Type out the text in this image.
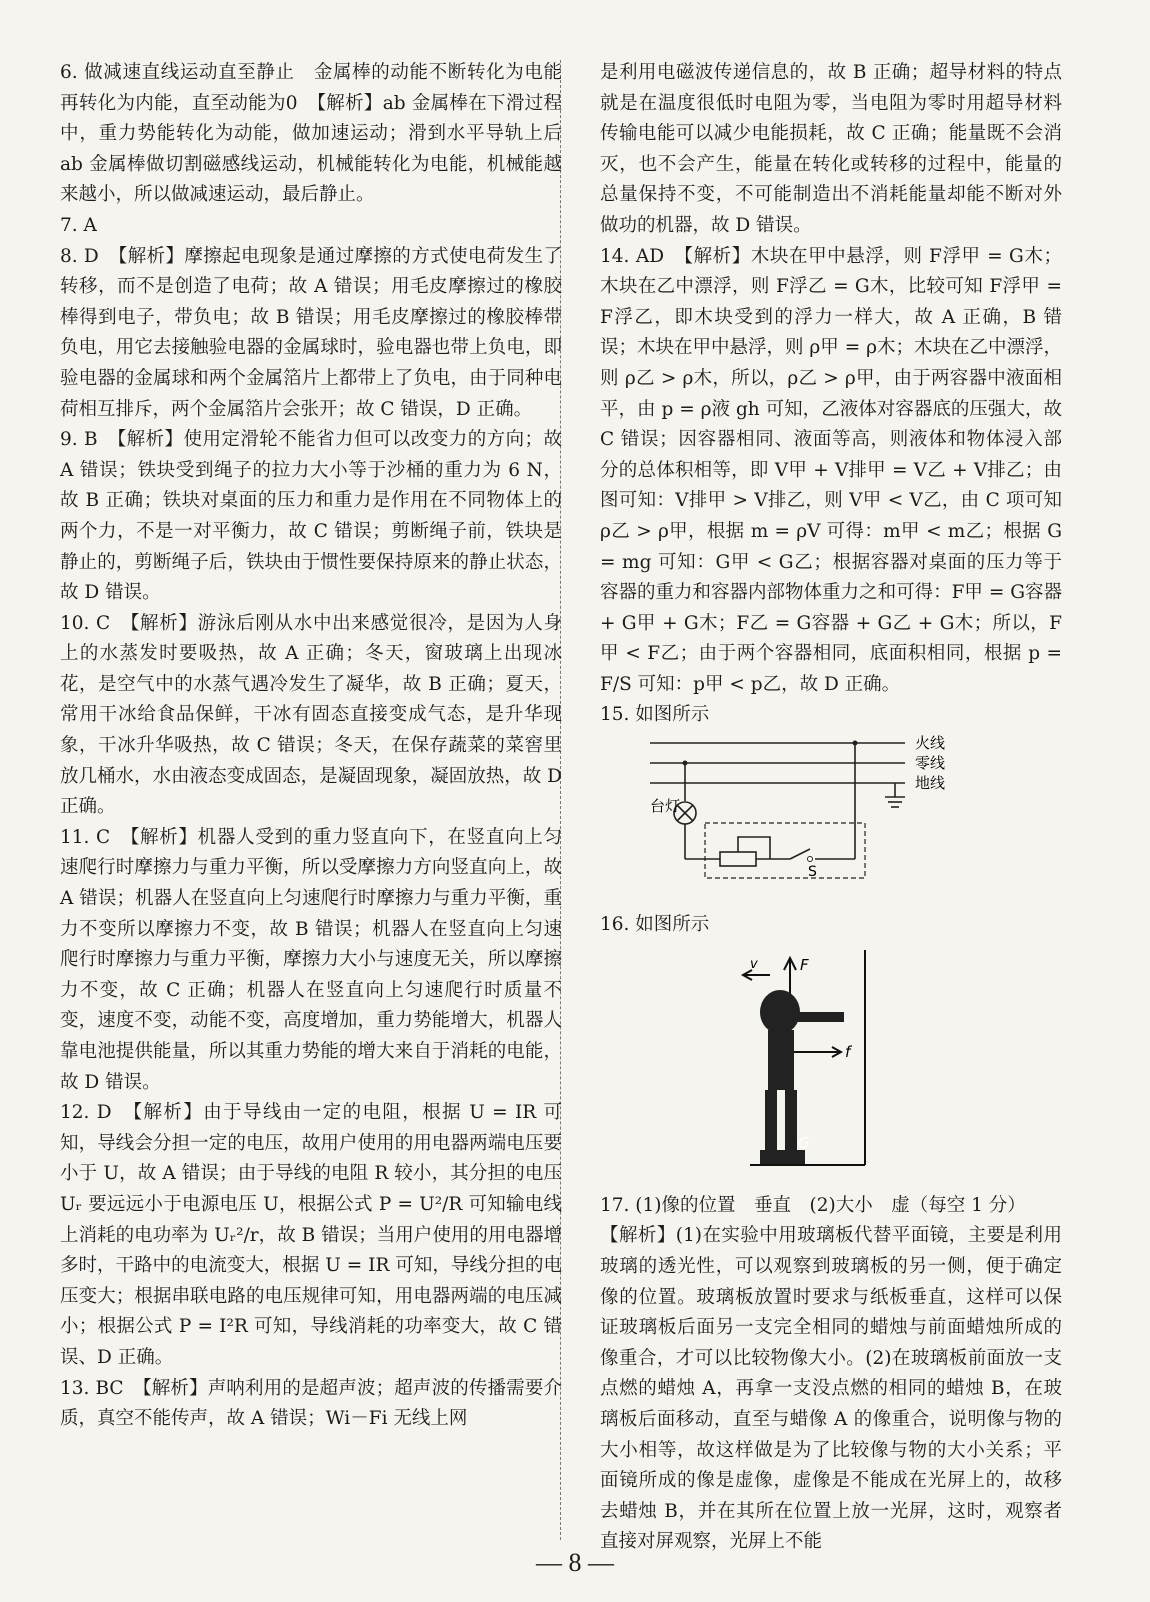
6. 做减速直线运动直至静止　金属棒的动能不断转化为电能再转化为内能，直至动能为0　【解析】ab 金属棒在下滑过程中，重力势能转化为动能，做加速运动；滑到水平导轨上后 ab 金属棒做切割磁感线运动，机械能转化为电能，机械能越来越小，所以做减速运动，最后静止。

7. A

8. D　【解析】摩擦起电现象是通过摩擦的方式使电荷发生了转移，而不是创造了电荷；故 A 错误；用毛皮摩擦过的橡胶棒得到电子，带负电；故 B 错误；用毛皮摩擦过的橡胶棒带负电，用它去接触验电器的金属球时，验电器也带上负电，即验电器的金属球和两个金属箔片上都带上了负电，由于同种电荷相互排斥，两个金属箔片会张开；故 C 错误，D 正确。

9. B　【解析】使用定滑轮不能省力但可以改变力的方向；故 A 错误；铁块受到绳子的拉力大小等于沙桶的重力为 6 N，故 B 正确；铁块对桌面的压力和重力是作用在不同物体上的两个力，不是一对平衡力，故 C 错误；剪断绳子前，铁块是静止的，剪断绳子后，铁块由于惯性要保持原来的静止状态，故 D 错误。

10. C　【解析】游泳后刚从水中出来感觉很冷，是因为人身上的水蒸发时要吸热，故 A 正确；冬天，窗玻璃上出现冰花，是空气中的水蒸气遇冷发生了凝华，故 B 正确；夏天，常用干冰给食品保鲜，干冰有固态直接变成气态，是升华现象，干冰升华吸热，故 C 错误；冬天，在保存蔬菜的菜窖里放几桶水，水由液态变成固态，是凝固现象，凝固放热，故 D 正确。

11. C　【解析】机器人受到的重力竖直向下，在竖直向上匀速爬行时摩擦力与重力平衡，所以受摩擦力方向竖直向上，故 A 错误；机器人在竖直向上匀速爬行时摩擦力与重力平衡，重力不变所以摩擦力不变，故 B 错误；机器人在竖直向上匀速爬行时摩擦力与重力平衡，摩擦力大小与速度无关，所以摩擦力不变，故 C 正确；机器人在竖直向上匀速爬行时质量不变，速度不变，动能不变，高度增加，重力势能增大，机器人靠电池提供能量，所以其重力势能的增大来自于消耗的电能，故 D 错误。

12. D　【解析】由于导线由一定的电阻，根据 U = IR 可知，导线会分担一定的电压，故用户使用的用电器两端电压要小于 U，故 A 错误；由于导线的电阻 R 较小，其分担的电压 Uᵣ 要远远小于电源电压 U，根据公式 P = U²/R 可知输电线上消耗的电功率为 Uᵣ²/r，故 B 错误；当用户使用的用电器增多时，干路中的电流变大，根据 U = IR 可知，导线分担的电压变大；根据串联电路的电压规律可知，用电器两端的电压减小；根据公式 P = I²R 可知，导线消耗的功率变大，故 C 错误、D 正确。

13. BC　【解析】声呐利用的是超声波；超声波的传播需要介质，真空不能传声，故 A 错误；Wi－Fi 无线上网

是利用电磁波传递信息的，故 B 正确；超导材料的特点就是在温度很低时电阻为零，当电阻为零时用超导材料传输电能可以减少电能损耗，故 C 正确；能量既不会消灭，也不会产生，能量在转化或转移的过程中，能量的总量保持不变，不可能制造出不消耗能量却能不断对外做功的机器，故 D 错误。

14. AD　【解析】木块在甲中悬浮，则 F浮甲 = G木；木块在乙中漂浮，则 F浮乙 = G木，比较可知 F浮甲 = F浮乙，即木块受到的浮力一样大，故 A 正确，B 错误；木块在甲中悬浮，则 ρ甲 = ρ木；木块在乙中漂浮，则 ρ乙 > ρ木，所以，ρ乙 > ρ甲，由于两容器中液面相平，由 p = ρ液 gh 可知，乙液体对容器底的压强大，故 C 错误；因容器相同、液面等高，则液体和物体浸入部分的总体积相等，即 V甲 + V排甲 = V乙 + V排乙；由图可知：V排甲 > V排乙，则 V甲 < V乙，由 C 项可知 ρ乙 > ρ甲，根据 m = ρV 可得：m甲 < m乙；根据 G = mg 可知：G甲 < G乙；根据容器对桌面的压力等于容器的重力和容器内部物体重力之和可得：F甲 = G容器 + G甲 + G木；F乙 = G容器 + G乙 + G木；所以，F甲 < F乙；由于两个容器相同，底面积相同，根据 p = F/S 可知：p甲 < p乙，故 D 正确。

15. 如图所示

火线
零线
地线
台灯
S

16. 如图所示

v	F
f
G

17. (1)像的位置　垂直　(2)大小　虚（每空 1 分）

【解析】(1)在实验中用玻璃板代替平面镜，主要是利用玻璃的透光性，可以观察到玻璃板的另一侧，便于确定像的位置。玻璃板放置时要求与纸板垂直，这样可以保证玻璃板后面另一支完全相同的蜡烛与前面蜡烛所成的像重合，才可以比较物像大小。(2)在玻璃板前面放一支点燃的蜡烛 A，再拿一支没点燃的相同的蜡烛 B，在玻璃板后面移动，直至与蜡像 A 的像重合，说明像与物的大小相等，故这样做是为了比较像与物的大小关系；平面镜所成的像是虚像，虚像是不能成在光屏上的，故移去蜡烛 B，并在其所在位置上放一光屏，这时，观察者直接对屏观察，光屏上不能

— 8 —
